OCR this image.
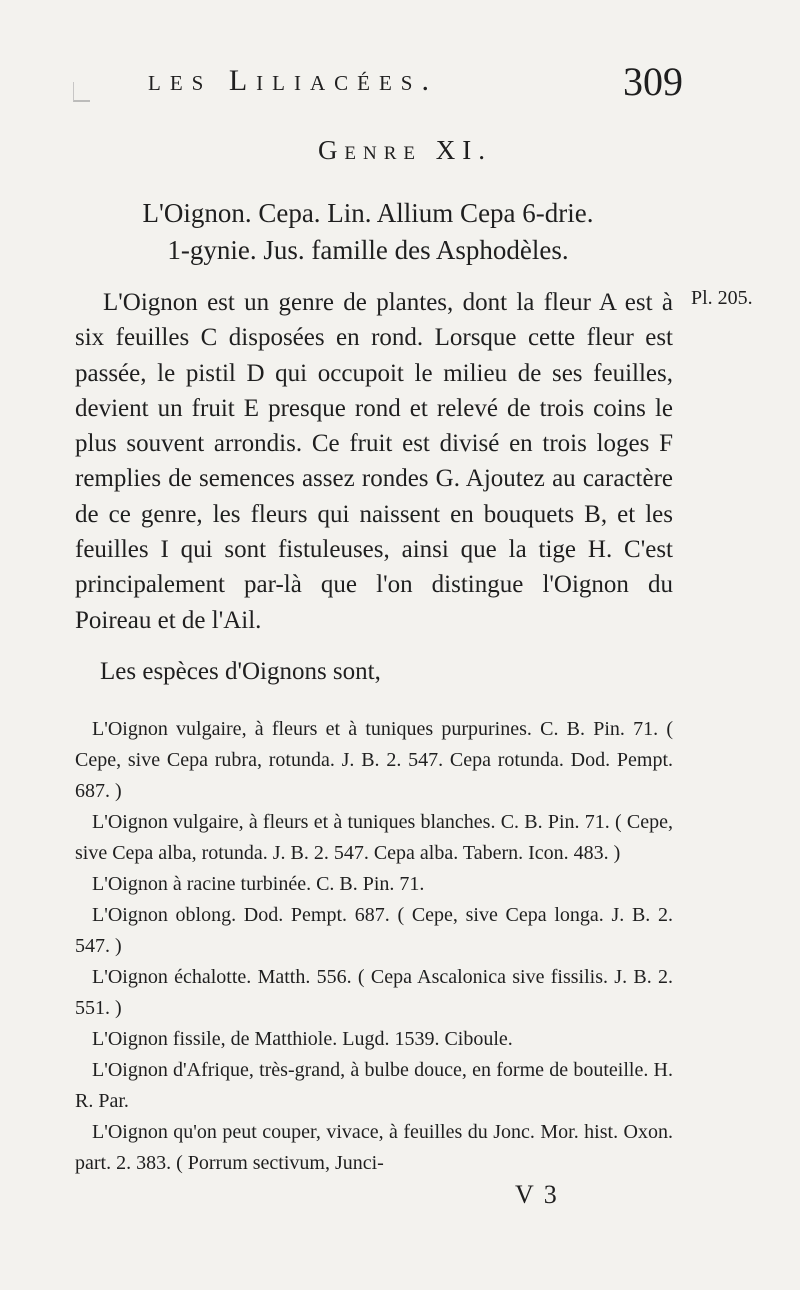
les Liliacées.	309
Genre XI.
L'Oignon. Cepa. Lin. Allium Cepa 6-drie.
1-gynie. Jus. famille des Asphodèles.
Pl. 205.

L'Oignon est un genre de plantes, dont la fleur A est à six feuilles C disposées en rond. Lorsque cette fleur est passée, le pistil D qui occupoit le milieu de ses feuilles, devient un fruit E presque rond et relevé de trois coins le plus souvent arrondis. Ce fruit est divisé en trois loges F remplies de semences assez rondes G. Ajoutez au caractère de ce genre, les fleurs qui naissent en bouquets B, et les feuilles I qui sont fistuleuses, ainsi que la tige H. C'est principalement par-là que l'on distingue l'Oignon du Poireau et de l'Ail.

Les espèces d'Oignons sont,

L'Oignon vulgaire, à fleurs et à tuniques purpurines. C. B. Pin. 71. ( Cepe, sive Cepa rubra, rotunda. J. B. 2. 547. Cepa rotunda. Dod. Pempt. 687. )

L'Oignon vulgaire, à fleurs et à tuniques blanches. C. B. Pin. 71. ( Cepe, sive Cepa alba, rotunda. J. B. 2. 547. Cepa alba. Tabern. Icon. 483. )

L'Oignon à racine turbinée. C. B. Pin. 71.

L'Oignon oblong. Dod. Pempt. 687. ( Cepe, sive Cepa longa. J. B. 2. 547. )

L'Oignon échalotte. Matth. 556. ( Cepa Ascalonica sive fissilis. J. B. 2. 551. )

L'Oignon fissile, de Matthiole. Lugd. 1539. Ciboule.

L'Oignon d'Afrique, très-grand, à bulbe douce, en forme de bouteille. H. R. Par.

L'Oignon qu'on peut couper, vivace, à feuilles du Jonc. Mor. hist. Oxon. part. 2. 383. ( Porrum sectivum, Junci-

V 3
